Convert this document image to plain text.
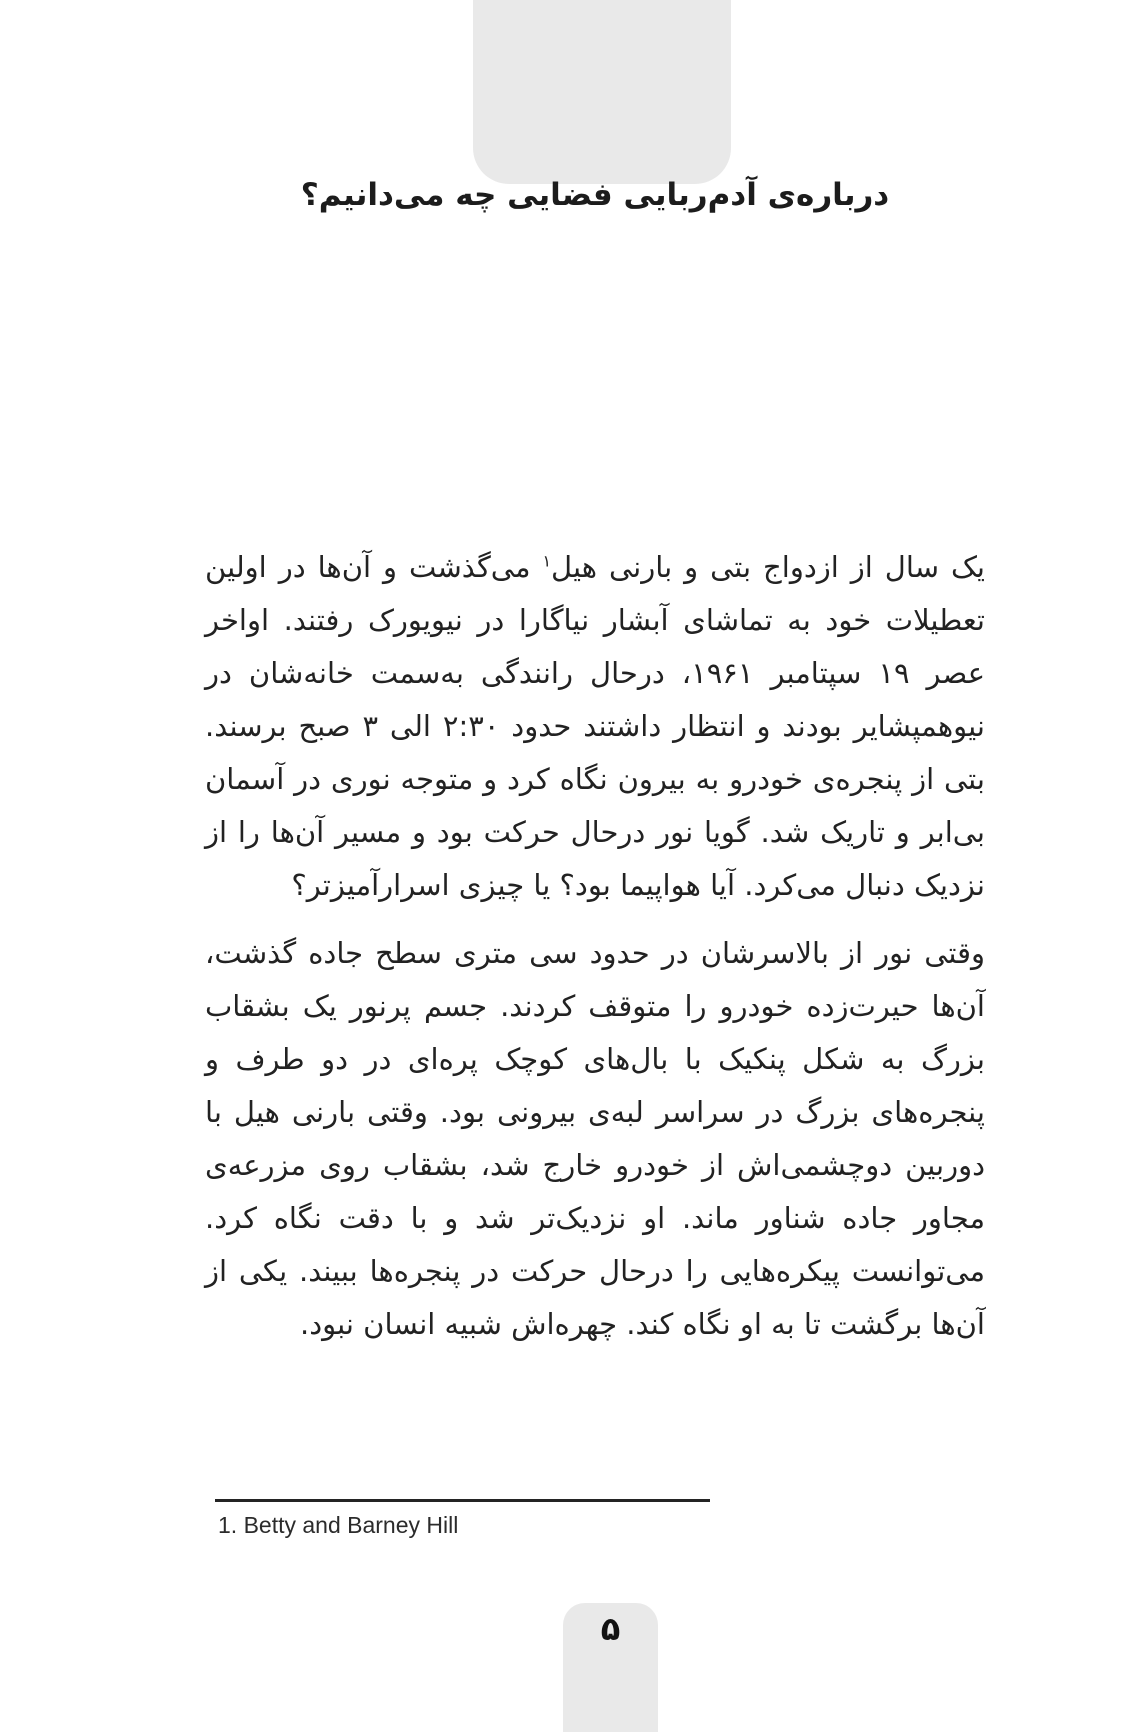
درباره‌ی آدم‌ربایی فضایی چه می‌دانیم؟

یک سال از ازدواج بتی و بارنی هیل$^۱$ می‌گذشت و آن‌ها در اولین تعطیلات خود به تماشای آبشار نیاگارا در نیویورک رفتند. اواخر عصر ۱۹ سپتامبر ۱۹۶۱، درحال رانندگی به‌سمت خانه‌شان در نیوهمپشایر بودند و انتظار داشتند حدود ۲:۳۰ الی ۳ صبح برسند. بتی از پنجره‌ی خودرو به بیرون نگاه کرد و متوجه نوری در آسمان بی‌ابر و تاریک شد. گویا نور درحال حرکت بود و مسیر آن‌ها را از نزدیک دنبال می‌کرد. آیا هواپیما بود؟ یا چیزی اسرارآمیزتر؟

وقتی نور از بالاسرشان در حدود سی متری سطح جاده گذشت، آن‌ها حیرت‌زده خودرو را متوقف کردند. جسم پرنور یک بشقاب بزرگ به شکل پنکیک با بال‌های کوچک پره‌ای در دو طرف و پنجره‌های بزرگ در سراسر لبه‌ی بیرونی بود. وقتی بارنی هیل با دوربین دوچشمی‌اش از خودرو خارج شد، بشقاب روی مزرعه‌ی مجاور جاده شناور ماند. او نزدیک‌تر شد و با دقت نگاه کرد. می‌توانست پیکره‌هایی را درحال حرکت در پنجره‌ها ببیند. یکی از آن‌ها برگشت تا به او نگاه کند. چهره‌اش شبیه انسان نبود.

1. Betty and Barney Hill
۵
